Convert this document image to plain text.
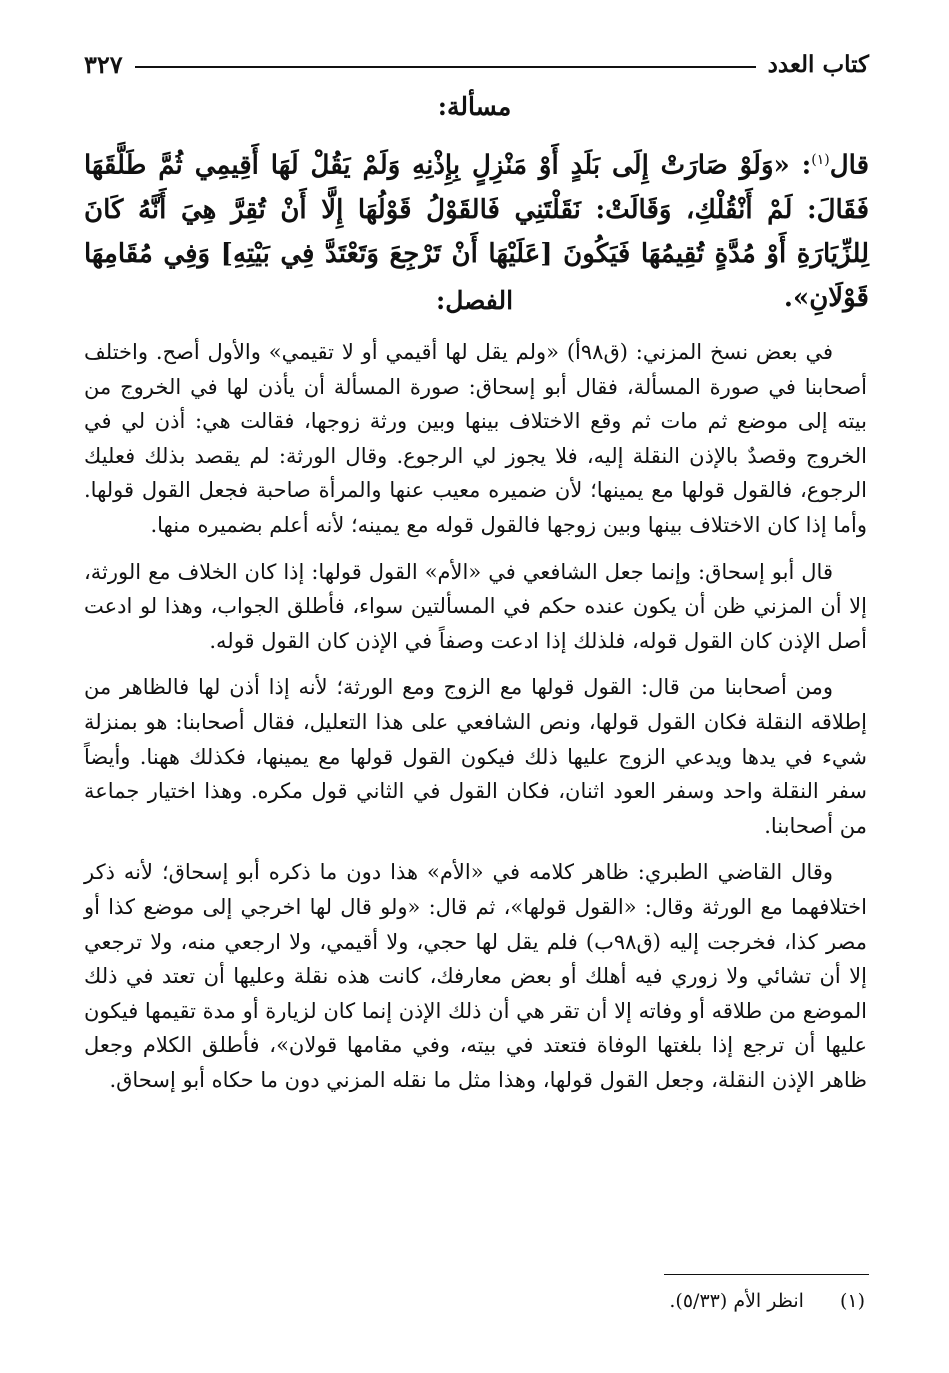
كتاب العدد
٣٢٧
مسألة:
قال$^{(١)}$: «وَلَوْ صَارَتْ إِلَى بَلَدٍ أَوْ مَنْزِلٍ بِإِذْنِهِ وَلَمْ يَقُلْ لَهَا أَقِيمِي ثُمَّ طَلَّقَهَا فَقَالَ: لَمْ أَنْقُلْكِ، وَقَالَتْ: نَقَلْتَنِي فَالقَوْلُ قَوْلُهَا إِلَّا أَنْ تُقِرَّ هِيَ أَنَّهُ كَانَ لِلزِّيَارَةِ أَوْ مُدَّةٍ تُقِيمُهَا فَيَكُونَ [عَلَيْهَا أَنْ تَرْجِعَ وَتَعْتَدَّ فِي بَيْتِهِ] وَفِي مُقَامِهَا قَوْلَانِ».
الفصل:

في بعض نسخ المزني: (ق٩٨أ) «ولم يقل لها أقيمي أو لا تقيمي» والأول أصح. واختلف أصحابنا في صورة المسألة، فقال أبو إسحاق: صورة المسألة أن يأذن لها في الخروج من بيته إلى موضع ثم مات ثم وقع الاختلاف بينها وبين ورثة زوجها، فقالت هي: أذن لي في الخروج وقصدٌ بالإذن النقلة إليه، فلا يجوز لي الرجوع. وقال الورثة: لم يقصد بذلك فعليك الرجوع، فالقول قولها مع يمينها؛ لأن ضميره معيب عنها والمرأة صاحبة فجعل القول قولها. وأما إذا كان الاختلاف بينها وبين زوجها فالقول قوله مع يمينه؛ لأنه أعلم بضميره منها.

قال أبو إسحاق: وإنما جعل الشافعي في «الأم» القول قولها: إذا كان الخلاف مع الورثة، إلا أن المزني ظن أن يكون عنده حكم في المسألتين سواء، فأطلق الجواب، وهذا لو ادعت أصل الإذن كان القول قوله، فلذلك إذا ادعت وصفاً في الإذن كان القول قوله.

ومن أصحابنا من قال: القول قولها مع الزوج ومع الورثة؛ لأنه إذا أذن لها فالظاهر من إطلاقه النقلة فكان القول قولها، ونص الشافعي على هذا التعليل، فقال أصحابنا: هو بمنزلة شيء في يدها ويدعي الزوج عليها ذلك فيكون القول قولها مع يمينها، فكذلك ههنا. وأيضاً سفر النقلة واحد وسفر العود اثنان، فكان القول في الثاني قول مكره. وهذا اختيار جماعة من أصحابنا.

وقال القاضي الطبري: ظاهر كلامه في «الأم» هذا دون ما ذكره أبو إسحاق؛ لأنه ذكر اختلافهما مع الورثة وقال: «القول قولها»، ثم قال: «ولو قال لها اخرجي إلى موضع كذا أو مصر كذا، فخرجت إليه (ق٩٨ب) فلم يقل لها حجي، ولا أقيمي، ولا ارجعي منه، ولا ترجعي إلا أن تشائي ولا زوري فيه أهلك أو بعض معارفك، كانت هذه نقلة وعليها أن تعتد في ذلك الموضع من طلاقه أو وفاته إلا أن تقر هي أن ذلك الإذن إنما كان لزيارة أو مدة تقيمها فيكون عليها أن ترجع إذا بلغتها الوفاة فتعتد في بيته، وفي مقامها قولان»، فأطلق الكلام وجعل ظاهر الإذن النقلة، وجعل القول قولها، وهذا مثل ما نقله المزني دون ما حكاه أبو إسحاق.

(١) انظر الأم (٥/٣٣).
